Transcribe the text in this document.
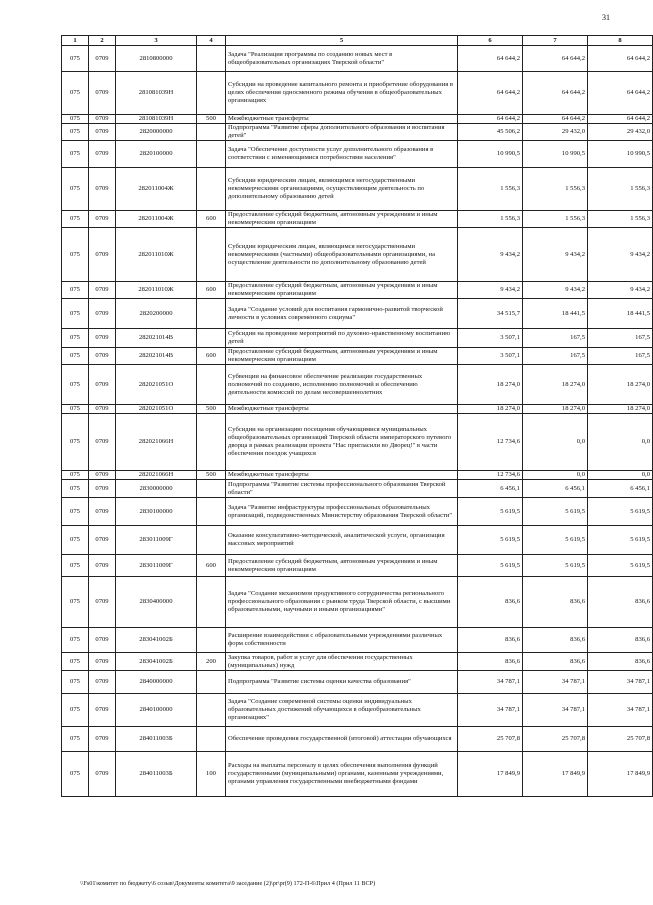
31
1	2	3	4	5	6	7	8
075	0709	2810800000		Задача "Реализация программы по созданию новых мест в общеобразовательных организациях Тверской области"	64 644,2	64 644,2	64 644,2
075	0709	281081039Н		Субсидии на проведение капитального ремонта и приобретение оборудования в целях обеспечения односменного режима обучения в общеобразовательных организациях	64 644,2	64 644,2	64 644,2
075	0709	281081039Н	500	Межбюджетные трансферты	64 644,2	64 644,2	64 644,2
075	0709	2820000000		Подпрограмма "Развитие сферы дополнительного образования и воспитания детей"	45 506,2	29 432,0	29 432,0
075	0709	2820100000		Задача "Обеспечение доступности услуг дополнительного образования в соответствии с изменяющимися потребностями населения"	10 990,5	10 990,5	10 990,5
075	0709	282011004Ж		Субсидии юридическим лицам, являющимся негосударственными некоммерческими организациями, осуществляющим деятельность по дополнительному образованию детей	1 556,3	1 556,3	1 556,3
075	0709	282011004Ж	600	Предоставление субсидий бюджетным, автономным учреждениям и иным некоммерческим организациям	1 556,3	1 556,3	1 556,3
075	0709	282011010Ж		Субсидии юридическим лицам, являющимся негосударственными некоммерческими (частными) общеобразовательными организациями, на осуществление деятельности по дополнительному образованию детей	9 434,2	9 434,2	9 434,2
075	0709	282011010Ж	600	Предоставление субсидий бюджетным, автономным учреждениям и иным некоммерческим организациям	9 434,2	9 434,2	9 434,2
075	0709	2820200000		Задача "Создание условий для воспитания гармонично-развитой творческой личности в условиях современного социума"	34 515,7	18 441,5	18 441,5
075	0709	282021014В		Субсидии на проведение мероприятий по духовно-нравственному воспитанию детей	3 507,1	167,5	167,5
075	0709	282021014В	600	Предоставление субсидий бюджетным, автономным учреждениям и иным некоммерческим организациям	3 507,1	167,5	167,5
075	0709	282021051О		Субвенции на финансовое обеспечение реализации государственных полномочий по созданию, исполнению полномочий и обеспечению деятельности комиссий по делам несовершеннолетних	18 274,0	18 274,0	18 274,0
075	0709	282021051О	500	Межбюджетные трансферты	18 274,0	18 274,0	18 274,0
075	0709	282021066Н		Субсидии на организацию посещения обучающимися муниципальных общеобразовательных организаций Тверской области императорского путевого дворца в рамках реализации проекта "Нас пригласили во Дворец!" в части обеспечения поездок учащихся	12 734,6	0,0	0,0
075	0709	282021066Н	500	Межбюджетные трансферты	12 734,6	0,0	0,0
075	0709	2830000000		Подпрограмма "Развитие системы профессионального образования Тверской области"	6 456,1	6 456,1	6 456,1
075	0709	2830100000		Задача "Развитие инфраструктуры профессиональных образовательных организаций, подведомственных Министерству образования Тверской области"	5 619,5	5 619,5	5 619,5
075	0709	283011009Г		Оказание консультативно-методической, аналитической услуги, организация массовых мероприятий	5 619,5	5 619,5	5 619,5
075	0709	283011009Г	600	Предоставление субсидий бюджетным, автономным учреждениям и иным некоммерческим организациям	5 619,5	5 619,5	5 619,5
075	0709	2830400000		Задача "Создание механизмов продуктивного сотрудничества регионального профессионального образования с рынком труда Тверской области, с высшими образовательными, научными и иными организациями"	836,6	836,6	836,6
075	0709	283041002Б		Расширение взаимодействия с образовательными учреждениями различных форм собственности	836,6	836,6	836,6
075	0709	283041002Б	200	Закупка товаров, работ и услуг для обеспечения государственных (муниципальных) нужд	836,6	836,6	836,6
075	0709	2840000000		Подпрограмма "Развитие системы оценки качества образования"	34 787,1	34 787,1	34 787,1
075	0709	2840100000		Задача "Создание современной системы оценки индивидуальных образовательных достижений обучающихся в общеобразовательных организациях"	34 787,1	34 787,1	34 787,1
075	0709	284011003Б		Обеспечение проведения государственной (итоговой) аттестации обучающихся	25 707,8	25 707,8	25 707,8
075	0709	284011003Б	100	Расходы на выплаты персоналу в целях обеспечения выполнения функций государственными (муниципальными) органами, казенными учреждениями, органами управления государственными внебюджетными фондами	17 849,9	17 849,9	17 849,9
\\Fs01\комитет по бюджету\6 созыв\Документы комитета\9 заседание (2)\pr\pr(9) 172-П-6\Прил 4 (Прил 11 ВСР)
